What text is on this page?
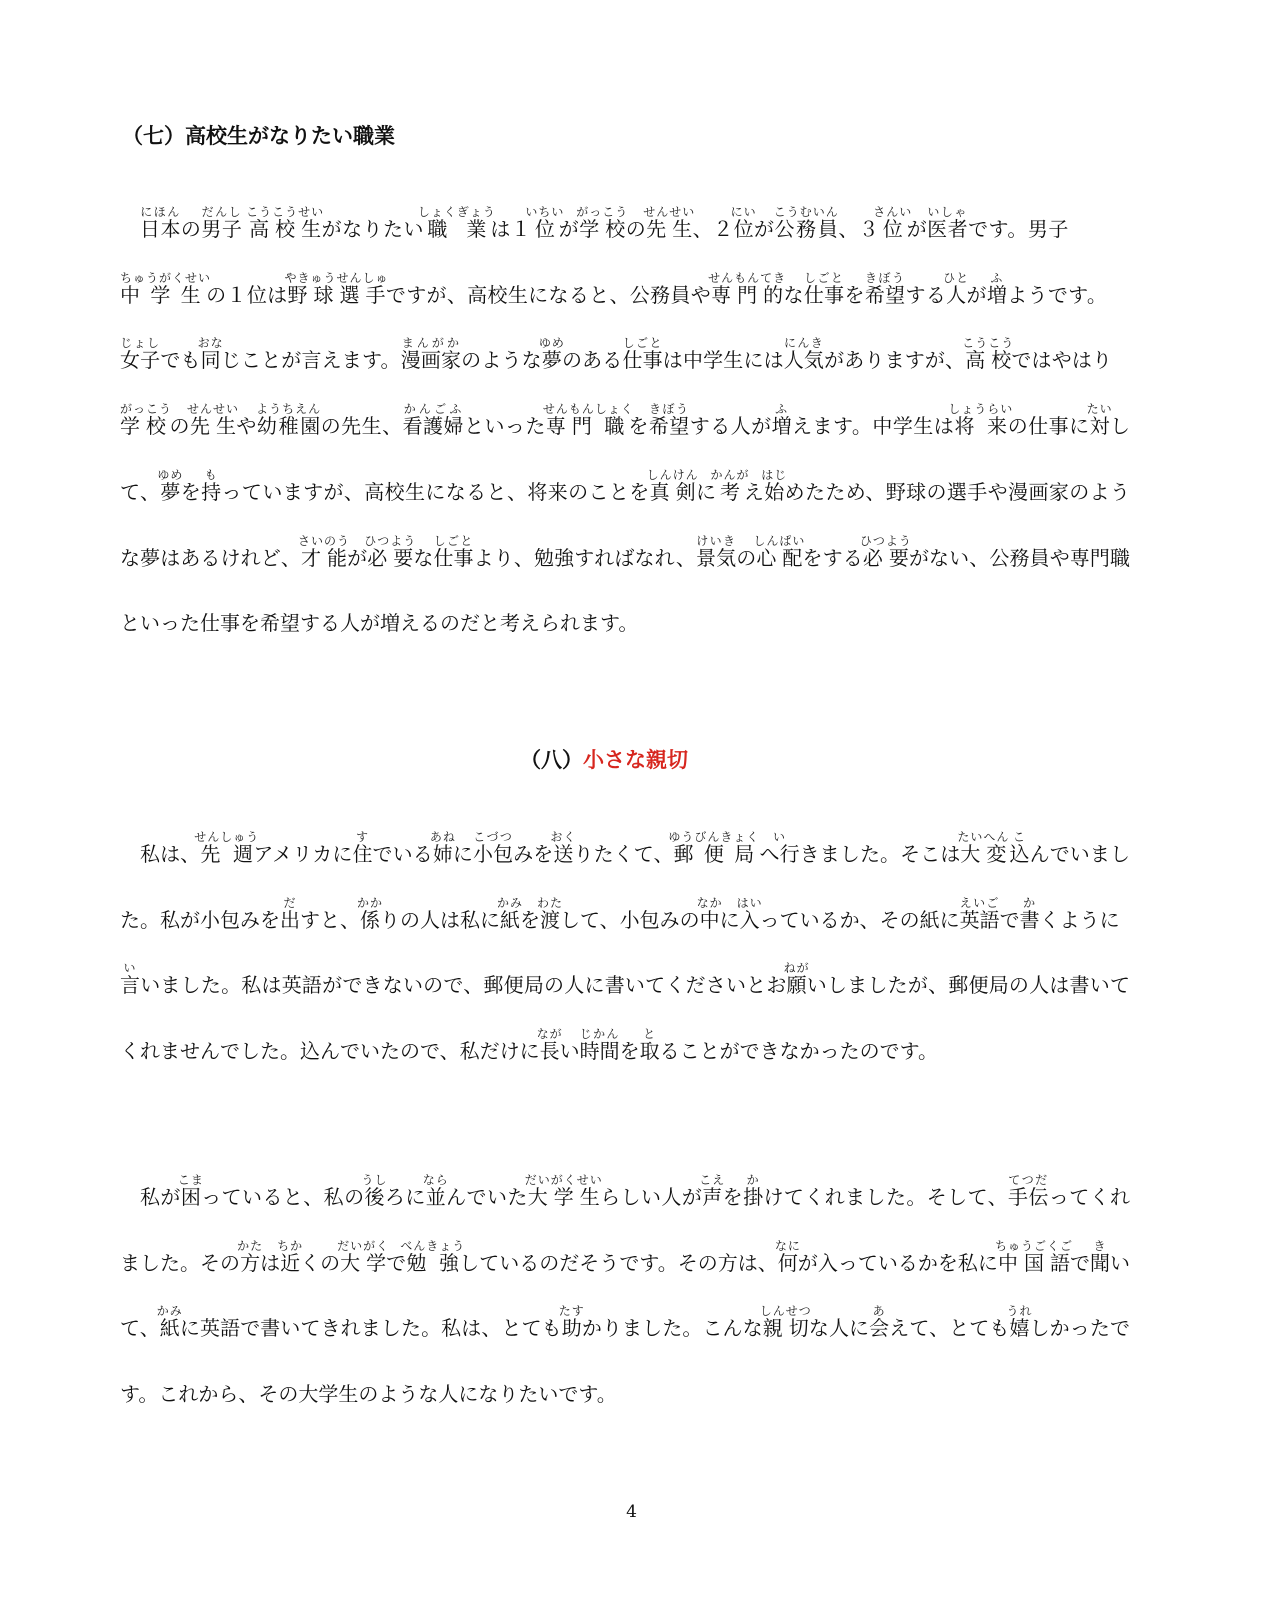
（七）高校生がなりたい職業
日本にほんの男子だんし 高校生こうこうせいがなりたい職業しょくぎょうは１位いちいが学校がっこうの先生せんせい、２位にいが公務員こうむいん、３位さんいが医者いしゃです。男子中学生ちゅうがくせいの１位は野球やきゅう選手せんしゅですが、高校生になると、公務員や専門せんもん的てきな仕事しごとを希望きぼうする人ひとが増ふようです。女子じょしでも同おなじことが言えます。漫画家まんがかのような夢ゆめのある仕事しごとは中学生には人気にんきがありますが、高校こうこうではやはり学校がっこうの先生せんせいや幼稚園ようちえんの先生、看護婦かんごふといった専門せんもん職しょくを希望きぼうする人が増ふえます。中学生は将来しょうらいの仕事に対たいして、夢ゆめを持もっていますが、高校生になると、将来のことを真剣しんけんに考かんがえ始はじめたため、野球の選手や漫画家のような夢はあるけれど、才能さいのうが必要ひつような仕事しごとより、勉強すればなれ、景気けいきの心配しんぱいをする必要ひつようがない、公務員や専門職といった仕事を希望する人が増えるのだと考えられます。
（八）小さな親切
私は、先週せんしゅうアメリカに住すでいる姉あねに小包こづつみを送おくりたくて、郵便局ゆうびんきょくへ行いきました。そこは大変たいへん込こんでいました。私が小包みを出だすと、係かかりの人は私に紙かみを渡わたして、小包みの中なかに入はいっているか、その紙に英語えいごで書かくように言いいました。私は英語ができないので、郵便局の人に書いてくださいとお願ねがいしましたが、郵便局の人は書いてくれませんでした。込んでいたので、私だけに長ながい時間じかんを取とることができなかったのです。
私が困こまっていると、私の後うしろに並ならんでいた大学生だいがくせいらしい人が声こえを掛かけてくれました。そして、手伝てつだってくれました。その方かたは近ちかくの大学だいがくで勉強べんきょうしているのだそうです。その方は、何なにが入っているかを私に中国語ちゅうごくごで聞きいて、紙かみに英語で書いてきれました。私は、とても助たすかりました。こんな親切しんせつな人に会あえて、とても嬉うれしかったです。これから、その大学生のような人になりたいです。
4
